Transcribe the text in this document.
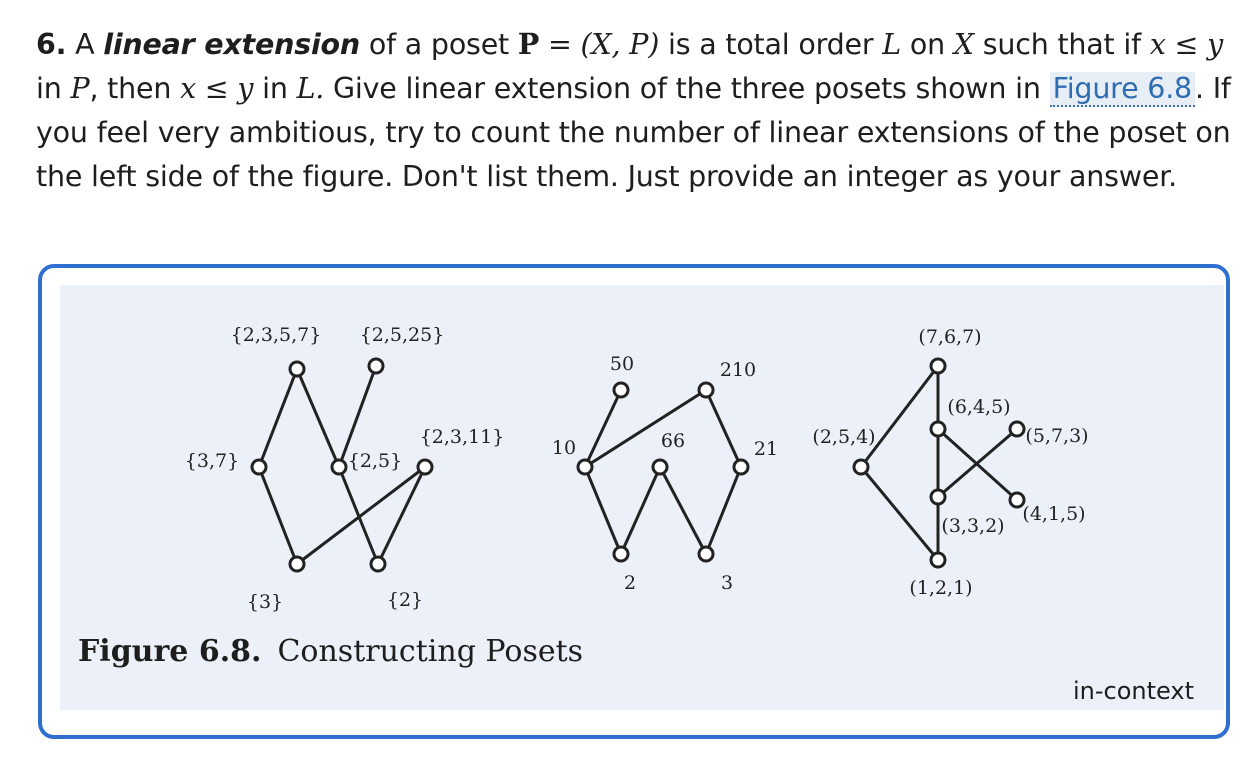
6. A linear extension of a poset P = (X, P) is a total order L on X such that if x ≤ y in P, then x ≤ y in L. Give linear extension of the three posets shown in Figure 6.8 . If you feel very ambitious, try to count the number of linear extensions of the poset on the left side of the figure. Don't list them. Just provide an integer as your answer.
{2,3,5,7} {2,5,25}
{3,7}	{2,5}
{2,3,11}
{3}	{2}
50	210
10	66	21
2	3
(7,6,7)
(6,4,5)
(5,7,3)
(2,5,4)
(4,1,5)
(3,3,2)
(1,2,1)
Figure 6.8. Constructing Posets
in-context
